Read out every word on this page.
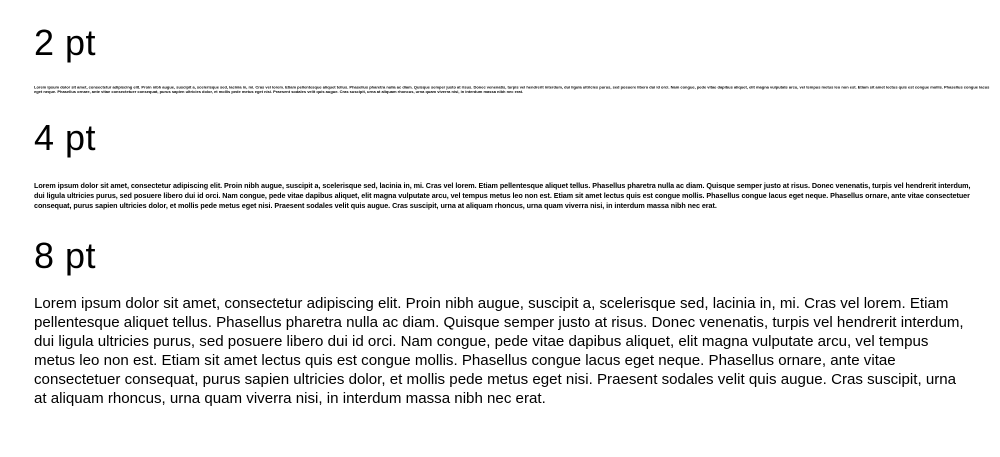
2 pt

Lorem ipsum dolor sit amet, consectetur adipiscing elit. Proin nibh augue, suscipit a, scelerisque sed, lacinia in, mi. Cras vel lorem. Etiam pellentesque aliquet tellus. Phasellus pharetra nulla ac diam. Quisque semper justo at risus. Donec venenatis, turpis vel hendrerit interdum, dui ligula ultricies purus, sed posuere libero dui id orci. Nam congue, pede vitae dapibus aliquet, elit magna vulputate arcu, vel tempus metus leo non est. Etiam sit amet lectus quis est congue mollis. Phasellus congue lacus eget neque. Phasellus ornare, ante vitae consectetuer consequat, purus sapien ultricies dolor, et mollis pede metus eget nisi. Praesent sodales velit quis augue. Cras suscipit, urna at aliquam rhoncus, urna quam viverra nisi, in interdum massa nibh nec erat.

4 pt

Lorem ipsum dolor sit amet, consectetur adipiscing elit. Proin nibh augue, suscipit a, scelerisque sed, lacinia in, mi. Cras vel lorem. Etiam pellentesque aliquet tellus. Phasellus pharetra nulla ac diam. Quisque semper justo at risus. Donec venenatis, turpis vel hendrerit interdum, dui ligula ultricies purus, sed posuere libero dui id orci. Nam congue, pede vitae dapibus aliquet, elit magna vulputate arcu, vel tempus metus leo non est. Etiam sit amet lectus quis est congue mollis. Phasellus congue lacus eget neque. Phasellus ornare, ante vitae consectetuer consequat, purus sapien ultricies dolor, et mollis pede metus eget nisi. Praesent sodales velit quis augue. Cras suscipit, urna at aliquam rhoncus, urna quam viverra nisi, in interdum massa nibh nec erat.

8 pt

Lorem ipsum dolor sit amet, consectetur adipiscing elit. Proin nibh augue, suscipit a, scelerisque sed, lacinia in, mi. Cras vel lorem. Etiam pellentesque aliquet tellus. Phasellus pharetra nulla ac diam. Quisque semper justo at risus. Donec venenatis, turpis vel hendrerit interdum, dui ligula ultricies purus, sed posuere libero dui id orci. Nam congue, pede vitae dapibus aliquet, elit magna vulputate arcu, vel tempus metus leo non est. Etiam sit amet lectus quis est congue mollis. Phasellus congue lacus eget neque. Phasellus ornare, ante vitae consectetuer consequat, purus sapien ultricies dolor, et mollis pede metus eget nisi. Praesent sodales velit quis augue. Cras suscipit, urna at aliquam rhoncus, urna quam viverra nisi, in interdum massa nibh nec erat.
